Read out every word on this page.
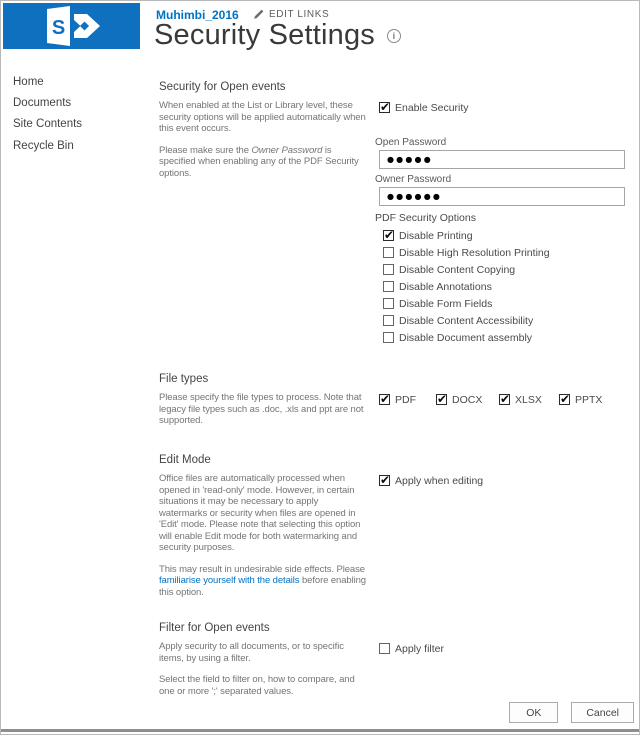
S
Muhimbi_2016	EDIT LINKS
Security Settings	i
Home
Documents
Site Contents
Recycle Bin
Security for Open events

When enabled at the List or Library level, these security options will be applied automatically when this event occurs.

Please make sure the Owner Password is specified when enabling any of the PDF Security options.

✔
Enable Security
Open Password
●●●●●
Owner Password
●●●●●●
PDF Security Options
✔
Disable Printing
Disable High Resolution Printing
Disable Content Copying
Disable Annotations
Disable Form Fields
Disable Content Accessibility
Disable Document assembly
File types

Please specify the file types to process. Note that legacy file types such as .doc, .xls and ppt are not supported.

✔
PDF ✔	DOCX ✔	XLSX ✔	PPTX
Edit Mode

Office files are automatically processed when opened in 'read-only' mode. However, in certain situations it may be necessary to apply watermarks or security when files are opened in 'Edit' mode. Please note that selecting this option will enable Edit mode for both watermarking and security purposes.

This may result in undesirable side effects. Please familiarise yourself with the details before enabling this option.

✔
Apply when editing
Filter for Open events

Apply security to all documents, or to specific items, by using a filter.

Select the field to filter on, how to compare, and one or more ';' separated values.

Apply filter
OK	Cancel
